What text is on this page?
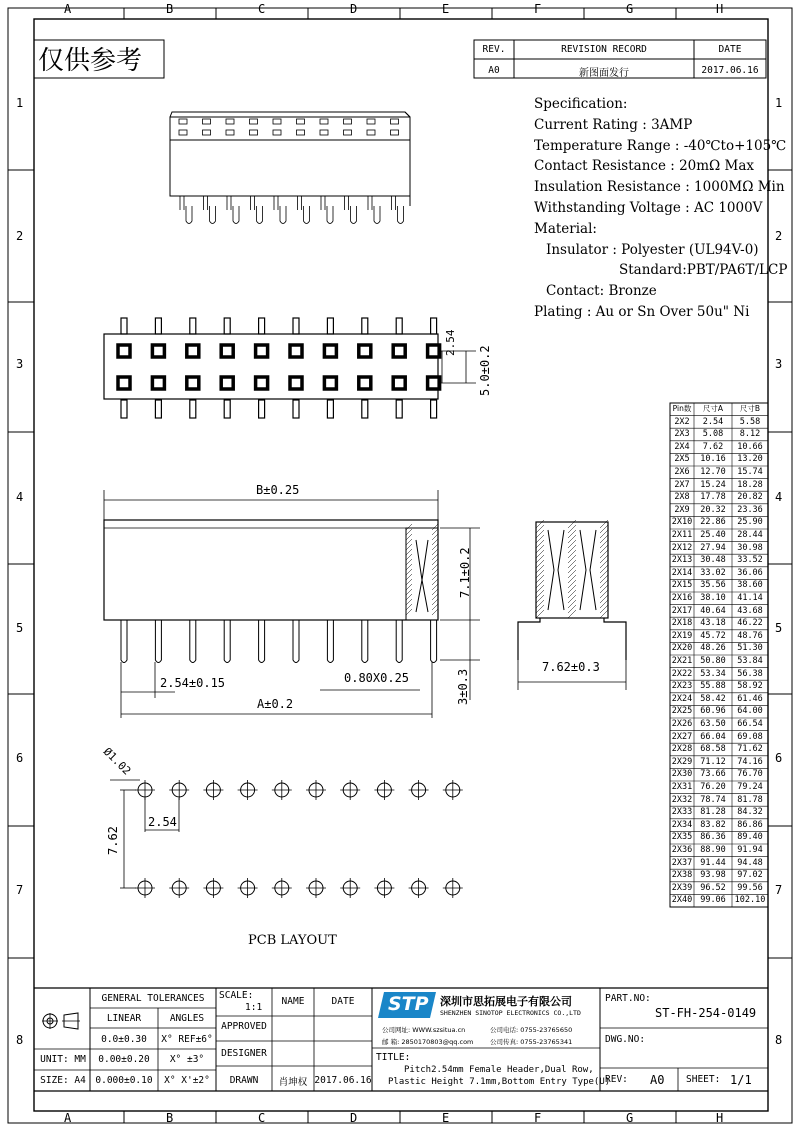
A
A
B
B
C
C
D
D
E
E
F
F
G
G
H
H
1	1
2	2
3	3
4	4
5	5
6	6
7	7
8	8
仅供参考	REV.	REVISION RECORD	DATE
A0	新图面发行	2017.06.16
Specification:
Current Rating : 3AMP
Temperature Range : -40℃to+105℃
Contact Resistance : 20mΩ Max
Insulation Resistance : 1000MΩ Min
Withstanding Voltage : AC 1000V
Material:
Insulator : Polyester (UL94V-0)
Standard:PBT/PA6T/LCP
Contact: Bronze
Plating : Au or Sn Over 50u" Ni
2.54
5.0±0.2
B±0.25
7.1±0.2
2.54±0.15	0.80X0.25
A±0.2	3±0.3
7.62±0.3
Ø1.02
2.54
7.62
PCB LAYOUT
Pin数	尺寸A	尺寸B
2X2	2.54	5.58
2X3	5.08	8.12
2X4	7.62	10.66
2X5	10.16	13.20
2X6	12.70	15.74
2X7	15.24	18.28
2X8	17.78	20.82
2X9	20.32	23.36
2X10 22.86	25.90
2X11 25.40	28.44
2X12 27.94	30.98
2X13 30.48	33.52
2X14 33.02	36.06
2X15 35.56	38.60
2X16 38.10	41.14
2X17 40.64	43.68
2X18 43.18	46.22
2X19 45.72	48.76
2X20 48.26	51.30
2X21 50.80	53.84
2X22 53.34	56.38
2X23 55.88	58.92
2X24 58.42	61.46
2X25 60.96	64.00
2X26 63.50	66.54
2X27 66.04	69.08
2X28 68.58	71.62
2X29 71.12	74.16
2X30 73.66	76.70
2X31 76.20	79.24
2X32 78.74	81.78
2X33 81.28	84.32
2X34 83.82	86.86
2X35 86.36	89.40
2X36 88.90	91.94
2X37 91.44	94.48
2X38 93.98	97.02
2X39 96.52	99.56
2X40 99.06	102.10
GENERAL TOLERANCES
LINEAR	ANGLES
0.0±0.30	X° REF±6°
0.00±0.20	X° ±3°
0.000±0.10	X° X'±2°
UNIT: MM
SIZE: A4
SCALE:
1:1
NAME	DATE
APPROVED
DESIGNER
DRAWN	肖坤权 2017.06.16
深圳市思拓展电子有限公司
SHENZHEN SINOTOP ELECTRONICS CO.,LTD
公司网址: WWW.szsitua.cn	公司电话: 0755-23765650
邮 箱: 2850170803@qq.com	公司传真: 0755-23765341
TITLE:
Pitch2.54mm Female Header,Dual Row,
Plastic Height 7.1mm,Bottom Entry Type(U)
PART.NO:
ST-FH-254-0149
DWG.NO:
REV: A0 SHEET: 1/1
STP
